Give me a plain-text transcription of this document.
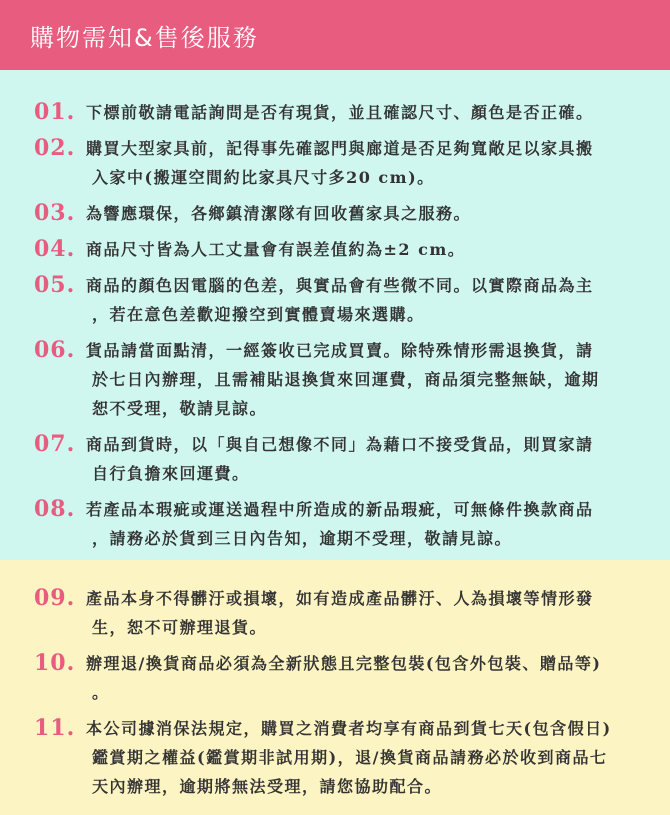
購物需知&售後服務
01. 下標前敬請電話詢問是否有現貨，並且確認尺寸、顏色是否正確。
02. 購買大型家具前，記得事先確認門與廊道是否足夠寬敞足以家具搬
入家中(搬運空間約比家具尺寸多20 cm)。
03. 為響應環保，各鄉鎮清潔隊有回收舊家具之服務。
04. 商品尺寸皆為人工丈量會有誤差值約為±2 cm。
05. 商品的顏色因電腦的色差，與實品會有些微不同。以實際商品為主
，若在意色差歡迎撥空到實體賣場來選購。
06. 貨品請當面點清，一經簽收已完成買賣。除特殊情形需退換貨，請
於七日內辦理，且需補貼退換貨來回運費，商品須完整無缺，逾期
恕不受理，敬請見諒。
07. 商品到貨時，以「與自己想像不同」為藉口不接受貨品，則買家請
自行負擔來回運費。
08. 若產品本瑕疵或運送過程中所造成的新品瑕疵，可無條件換款商品
，請務必於貨到三日內告知，逾期不受理，敬請見諒。
09. 產品本身不得髒汙或損壞，如有造成產品髒汙、人為損壞等情形發
生，恕不可辦理退貨。
10. 辦理退/換貨商品必須為全新狀態且完整包裝(包含外包裝、贈品等)
。
11. 本公司據消保法規定，購買之消費者均享有商品到貨七天(包含假日)
鑑賞期之權益(鑑賞期非試用期)，退/換貨商品請務必於收到商品七
天內辦理，逾期將無法受理，請您協助配合。
